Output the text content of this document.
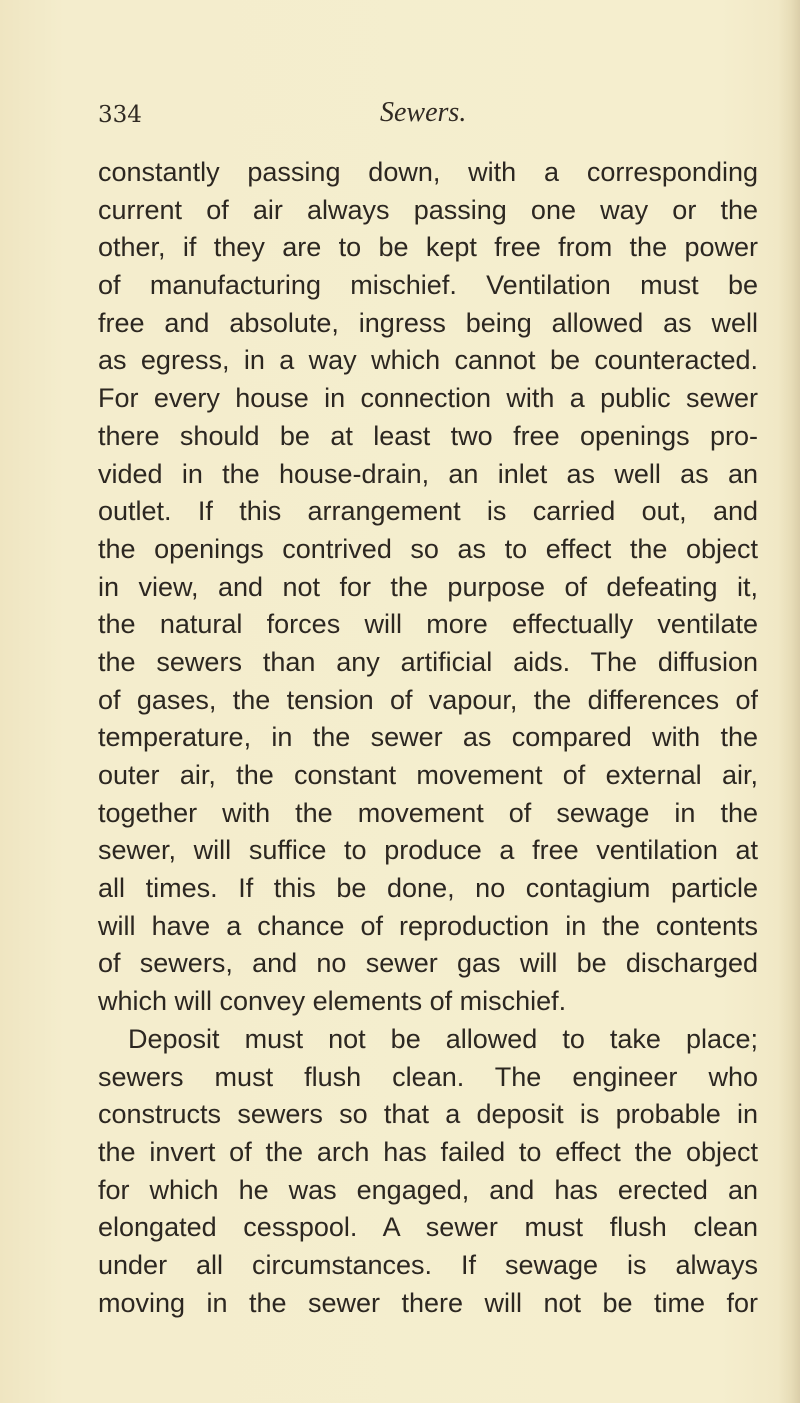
334	Sewers.
constantly passing down, with a corresponding
current of air always passing one way or the
other, if they are to be kept free from the power
of manufacturing mischief. Ventilation must be
free and absolute, ingress being allowed as well
as egress, in a way which cannot be counteracted.
For every house in connection with a public sewer
there should be at least two free openings pro-
vided in the house-drain, an inlet as well as an
outlet. If this arrangement is carried out, and
the openings contrived so as to effect the object
in view, and not for the purpose of defeating it,
the natural forces will more effectually ventilate
the sewers than any artificial aids. The diffusion
of gases, the tension of vapour, the differences of
temperature, in the sewer as compared with the
outer air, the constant movement of external air,
together with the movement of sewage in the
sewer, will suffice to produce a free ventilation at
all times. If this be done, no contagium particle
will have a chance of reproduction in the contents
of sewers, and no sewer gas will be discharged
which will convey elements of mischief.
Deposit must not be allowed to take place;
sewers must flush clean. The engineer who
constructs sewers so that a deposit is probable in
the invert of the arch has failed to effect the object
for which he was engaged, and has erected an
elongated cesspool. A sewer must flush clean
under all circumstances. If sewage is always
moving in the sewer there will not be time for
